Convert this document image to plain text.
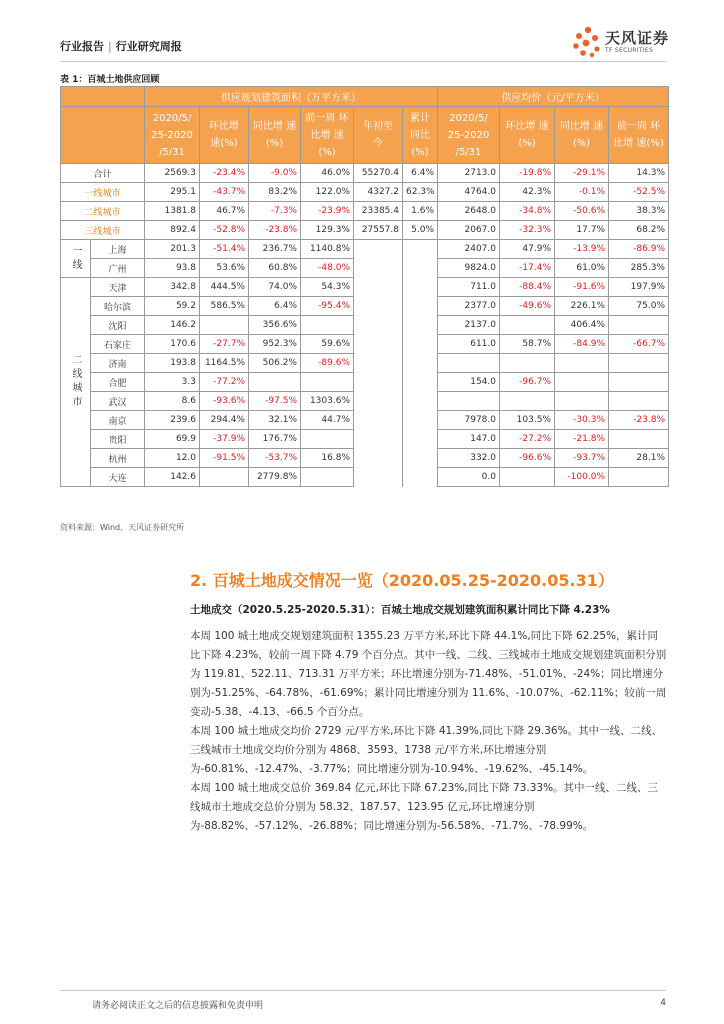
行业报告 | 行业研究周报	天风证券
TF SECURITIES
表 1：百城土地供应回顾
		供应规划建筑面积（万平方米）						供应均价（元/平方米）			
		2020/5/ 25-2020 /5/31	环比增 速(%)	同比增 速(%)	前一周 环比增 速(%)	年初至 今	累计 同比 (%)	2020/5/ 25-2020 /5/31	环比增 速(%)	同比增 速(%)	前一周 环比增 速(%)
合计		2569.3	-23.4%	-9.0%	46.0%	55270.4	6.4%	2713.0	-19.8%	-29.1%	14.3%
一线城市		295.1	-43.7%	83.2%	122.0%	4327.2	62.3%	4764.0	42.3%	-0.1%	-52.5%
二线城市		1381.8	46.7%	-7.3%	-23.9%	23385.4	1.6%	2648.0	-34.8%	-50.6%	38.3%
三线城市		892.4	-52.8%	-23.8%	129.3%	27557.8	5.0%	2067.0	-32.3%	17.7%	68.2%
一线	上海	201.3	-51.4%	236.7%	1140.8%			2407.0	47.9%	-13.9%	-86.9%
	广州	93.8	53.6%	60.8%	-48.0%			9824.0	-17.4%	61.0%	285.3%
二线城市	天津	342.8	444.5%	74.0%	54.3%			711.0	-88.4%	-91.6%	197.9%
	哈尔滨	59.2	586.5%	6.4%	-95.4%			2377.0	-49.6%	226.1%	75.0%
	沈阳	146.2		356.6%				2137.0		406.4%	
	石家庄	170.6	-27.7%	952.3%	59.6%			611.0	58.7%	-84.9%	-66.7%
	济南	193.8	1164.5%	506.2%	-89.6%						
	合肥	3.3	-77.2%					154.0	-96.7%		
	武汉	8.6	-93.6%	-97.5%	1303.6%						
	南京	239.6	294.4%	32.1%	44.7%			7978.0	103.5%	-30.3%	-23.8%
	贵阳	69.9	-37.9%	176.7%				147.0	-27.2%	-21.8%	
	杭州	12.0	-91.5%	-53.7%	16.8%			332.0	-96.6%	-93.7%	28.1%
	大连	142.6		2779.8%				0.0		-100.0%	
资料来源：Wind、天风证券研究所
2. 百城土地成交情况一览（2020.05.25-2020.05.31）
土地成交（2020.5.25-2020.5.31）：百城土地成交规划建筑面积累计同比下降 4.23%
本周 100 城土地成交规划建筑面积 1355.23 万平方米,环比下降 44.1%,同比下降 62.25%，累计同比下降 4.23%，较前一周下降 4.79 个百分点。其中一线、二线、三线城市土地成交规划建筑面积分别为 119.81、522.11、713.31 万平方米；环比增速分别为-71.48%、-51.01%、-24%；同比增速分别为-51.25%、-64.78%、-61.69%；累计同比增速分别为 11.6%、-10.07%、-62.11%；较前一周变动-5.38、-4.13、-66.5 个百分点。
本周 100 城土地成交均价 2729 元/平方米,环比下降 41.39%,同比下降 29.36%。其中一线、二线、三线城市土地成交均价分别为 4868、3593、1738 元/平方米,环比增速分别为-60.81%、-12.47%、-3.77%；同比增速分别为-10.94%、-19.62%、-45.14%。
本周 100 城土地成交总价 369.84 亿元,环比下降 67.23%,同比下降 73.33%。其中一线、二线、三线城市土地成交总价分别为 58.32、187.57、123.95 亿元,环比增速分别为-88.82%、-57.12%、-26.88%；同比增速分别为-56.58%、-71.7%、-78.99%。
请务必阅读正文之后的信息披露和免责申明	4
